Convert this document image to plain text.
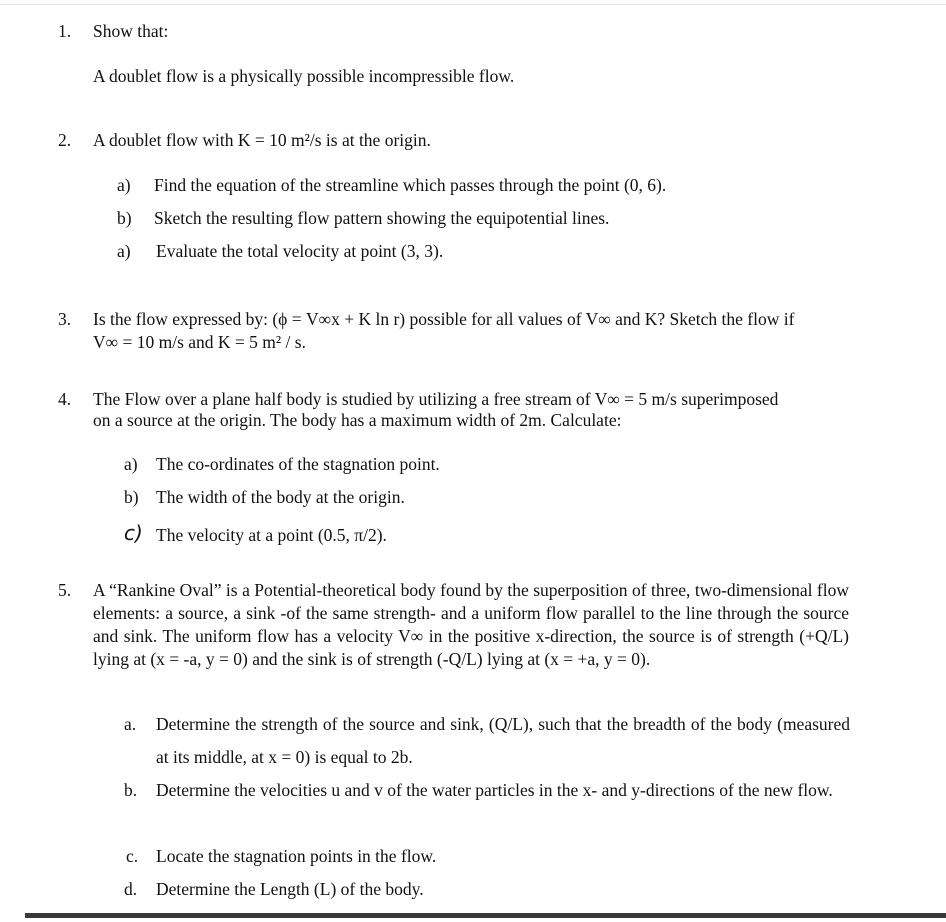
1.	Show that:
A doublet flow is a physically possible incompressible flow.
2.	A doublet flow with K = 10 m²/s is at the origin.
a)	Find the equation of the streamline which passes through the point (0, 6).
b)	Sketch the resulting flow pattern showing the equipotential lines.
a)	Evaluate the total velocity at point (3, 3).
3.	Is the flow expressed by: (ϕ = V∞x + K ln r) possible for all values of V∞ and K? Sketch the flow if
V∞ = 10 m/s and K = 5 m² / s.
4.	The Flow over a plane half body is studied by utilizing a free stream of V∞ = 5 m/s superimposed
on a source at the origin. The body has a maximum width of 2m. Calculate:
a)	The co-ordinates of the stagnation point.
b) The width of the body at the origin.
c) The velocity at a point (0.5, π/2).
5.	A “Rankine Oval” is a Potential-theoretical body found by the superposition of three, two-dimensional flow elements: a source, a sink -of the same strength- and a uniform flow parallel to the line through the source and sink. The uniform flow has a velocity V∞ in the positive x-direction, the source is of strength (+Q/L) lying at (x = -a, y = 0) and the sink is of strength (-Q/L) lying at (x = +a, y = 0).
a.	Determine the strength of the source and sink, (Q/L), such that the breadth of the body (measured at its middle, at x = 0) is equal to 2b.
b.	Determine the velocities u and v of the water particles in the x- and y-directions of the new flow.
c.	Locate the stagnation points in the flow.
d.	Determine the Length (L) of the body.
